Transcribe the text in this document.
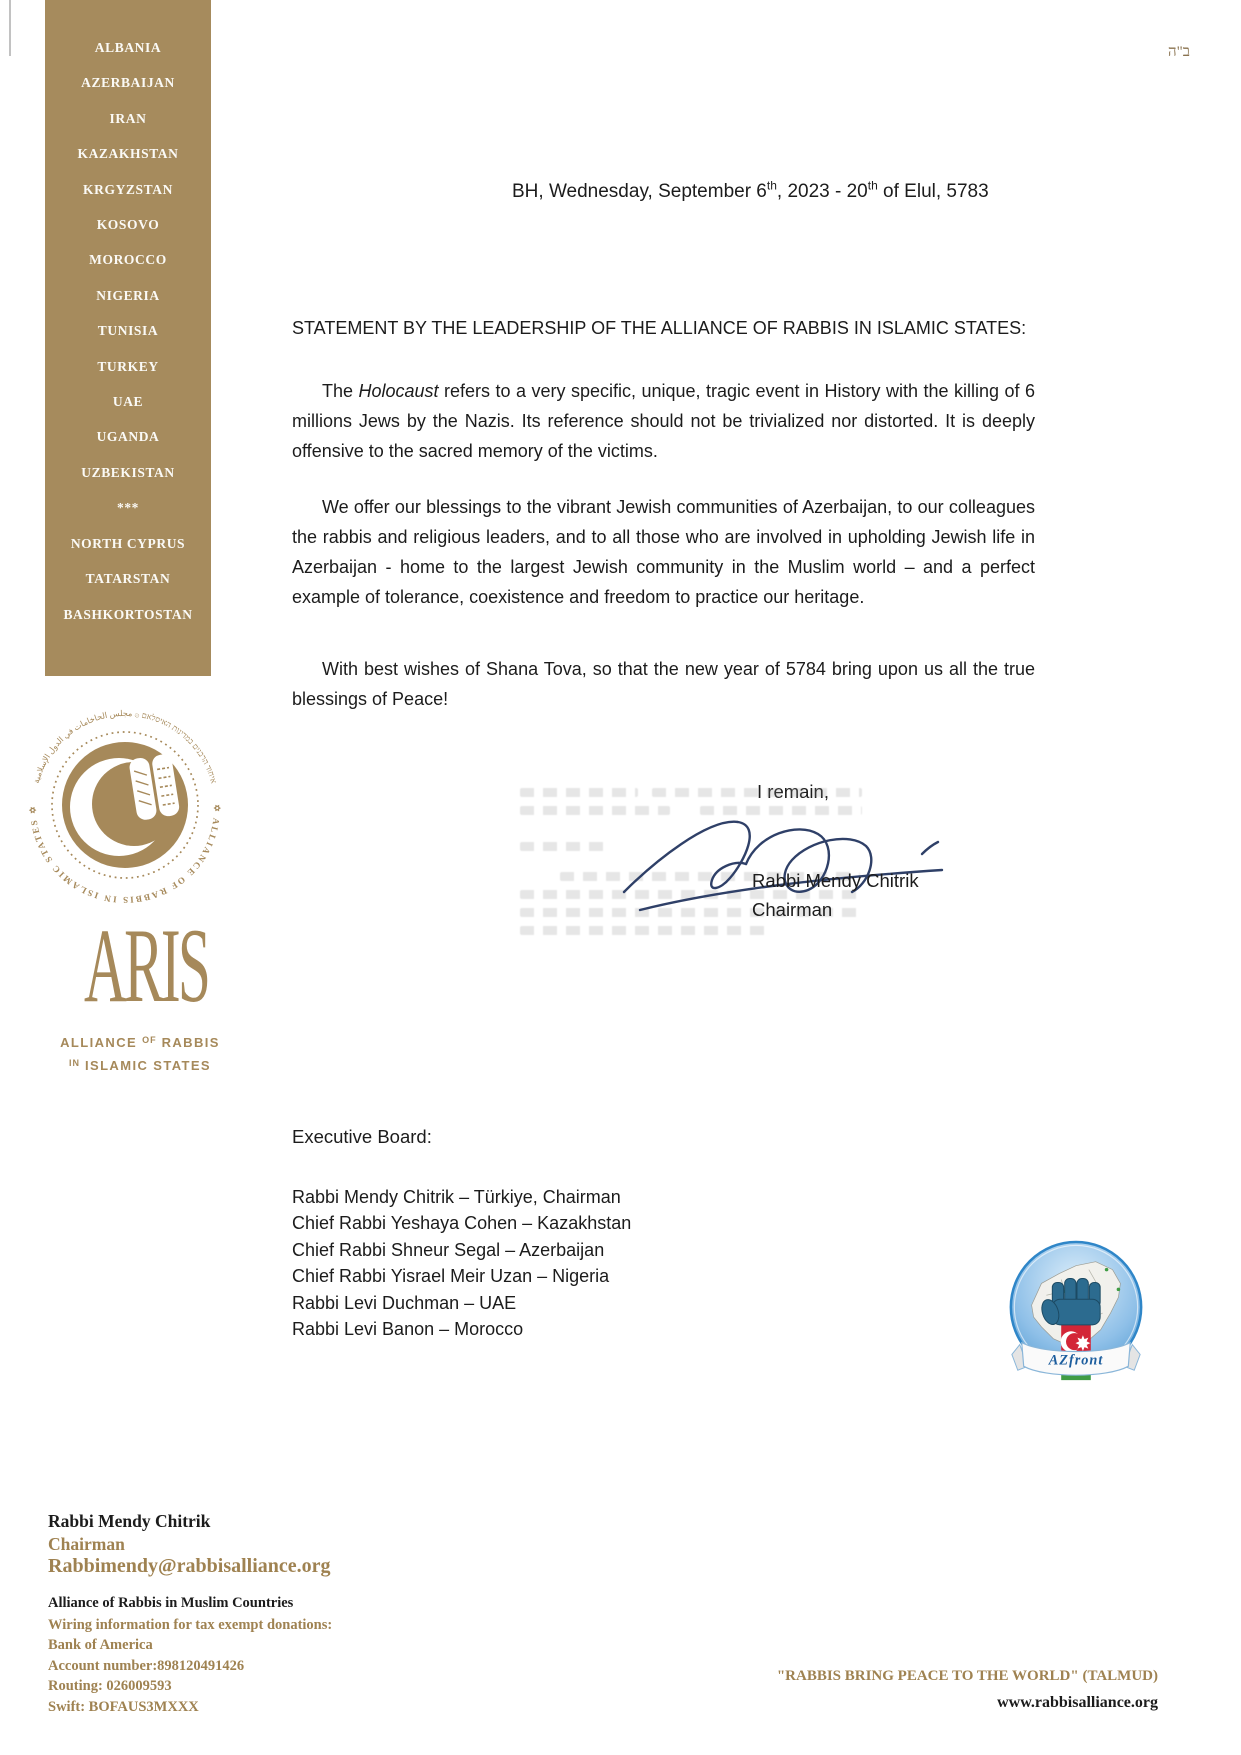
ALBANIA
AZERBAIJAN
IRAN
KAZAKHSTAN
KRGYZSTAN
KOSOVO
MOROCCO
NIGERIA
TUNISIA
TURKEY
UAE
UGANDA
UZBEKISTAN
***
NORTH CYPRUS
TATARSTAN
BASHKORTOSTAN
איחוד הרבנים במדינות האיסלאם ۞ مجلس الحاخامات في الدول الإسلامية
✡ ALLIANCE OF RABBIS IN ISLAMIC STATES ✡
ARIS
ALLIANCE $^{OF}$ RABBIS
$^{IN}$ ISLAMIC STATES
ב"ה
BH, Wednesday, September 6th, 2023 - 20th of Elul, 5783
STATEMENT BY THE LEADERSHIP OF THE ALLIANCE OF RABBIS IN ISLAMIC STATES:
The Holocaust refers to a very specific, unique, tragic event in History with the killing of 6 millions Jews by the Nazis. Its reference should not be trivialized nor distorted. It is deeply offensive to the sacred memory of the victims.
We offer our blessings to the vibrant Jewish communities of Azerbaijan, to our colleagues the rabbis and religious leaders, and to all those who are involved in upholding Jewish life in Azerbaijan - home to the largest Jewish community in the Muslim world – and a perfect example of tolerance, coexistence and freedom to practice our heritage.
With best wishes of Shana Tova, so that the new year of 5784 bring upon us all the true blessings of Peace!
I remain,
Rabbi Mendy Chitrik
Chairman
Executive Board:
Rabbi Mendy Chitrik – Türkiye, Chairman
Chief Rabbi Yeshaya Cohen – Kazakhstan
Chief Rabbi Shneur Segal – Azerbaijan
Chief Rabbi Yisrael Meir Uzan – Nigeria
Rabbi Levi Duchman – UAE
Rabbi Levi Banon – Morocco
AZfront
Rabbi Mendy Chitrik
Chairman
Rabbimendy@rabbisalliance.org
Alliance of Rabbis in Muslim Countries
Wiring information for tax exempt donations:
Bank of America
Account number:898120491426
Routing: 026009593
Swift: BOFAUS3MXXX
"RABBIS BRING PEACE TO THE WORLD" (TALMUD)
www.rabbisalliance.org
